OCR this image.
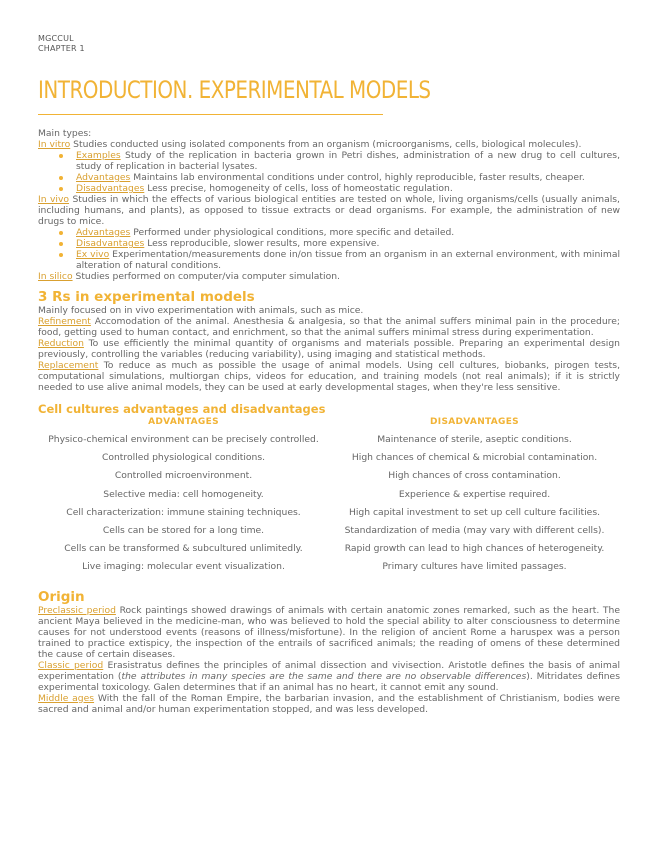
MGCCUL
CHAPTER 1
INTRODUCTION. EXPERIMENTAL MODELS

Main types:

In vitro Studies conducted using isolated components from an organism (microorganisms, cells, biological molecules).

Examples Study of the replication in bacteria grown in Petri dishes, administration of a new drug to cell cultures, study of replication in bacterial lysates.
Advantages Maintains lab environmental conditions under control, highly reproducible, faster results, cheaper.
Disadvantages Less precise, homogeneity of cells, loss of homeostatic regulation.

In vivo Studies in which the effects of various biological entities are tested on whole, living organisms/cells (usually animals, including humans, and plants), as opposed to tissue extracts or dead organisms. For example, the administration of new drugs to mice.

Advantages Performed under physiological conditions, more specific and detailed.
Disadvantages Less reproducible, slower results, more expensive.
Ex vivo Experimentation/measurements done in/on tissue from an organism in an external environment, with minimal alteration of natural conditions.

In silico Studies performed on computer/via computer simulation.

3 Rs in experimental models

Mainly focused on in vivo experimentation with animals, such as mice.

Refinement Accomodation of the animal. Anesthesia & analgesia, so that the animal suffers minimal pain in the procedure; food, getting used to human contact, and enrichment, so that the animal suffers minimal stress during experimentation.

Reduction To use efficiently the minimal quantity of organisms and materials possible. Preparing an experimental design previously, controlling the variables (reducing variability), using imaging and statistical methods.

Replacement To reduce as much as possible the usage of animal models. Using cell cultures, biobanks, pirogen tests, computational simulations, multiorgan chips, videos for education, and training models (not real animals); if it is strictly needed to use alive animal models, they can be used at early developmental stages, when they're less sensitive.

Cell cultures advantages and disadvantages
ADVANTAGES	DISADVANTAGES
Physico-chemical environment can be precisely controlled.	Maintenance of sterile, aseptic conditions.
Controlled physiological conditions.	High chances of chemical & microbial contamination.
Controlled microenvironment.	High chances of cross contamination.
Selective media: cell homogeneity.	Experience & expertise required.
Cell characterization: immune staining techniques.	High capital investment to set up cell culture facilities.
Cells can be stored for a long time.	Standardization of media (may vary with different cells).
Cells can be transformed & subcultured unlimitedly.	Rapid growth can lead to high chances of heterogeneity.
Live imaging: molecular event visualization.	Primary cultures have limited passages.
Origin

Preclassic period Rock paintings showed drawings of animals with certain anatomic zones remarked, such as the heart. The ancient Maya believed in the medicine-man, who was believed to hold the special ability to alter consciousness to determine causes for not understood events (reasons of illness/misfortune). In the religion of ancient Rome a haruspex was a person trained to practice extispicy, the inspection of the entrails of sacrificed animals; the reading of omens of these determined the cause of certain diseases.

Classic period Erasistratus defines the principles of animal dissection and vivisection. Aristotle defines the basis of animal experimentation (the attributes in many species are the same and there are no observable differences). Mitridates defines experimental toxicology. Galen determines that if an animal has no heart, it cannot emit any sound.

Middle ages With the fall of the Roman Empire, the barbarian invasion, and the establishment of Christianism, bodies were sacred and animal and/or human experimentation stopped, and was less developed.
